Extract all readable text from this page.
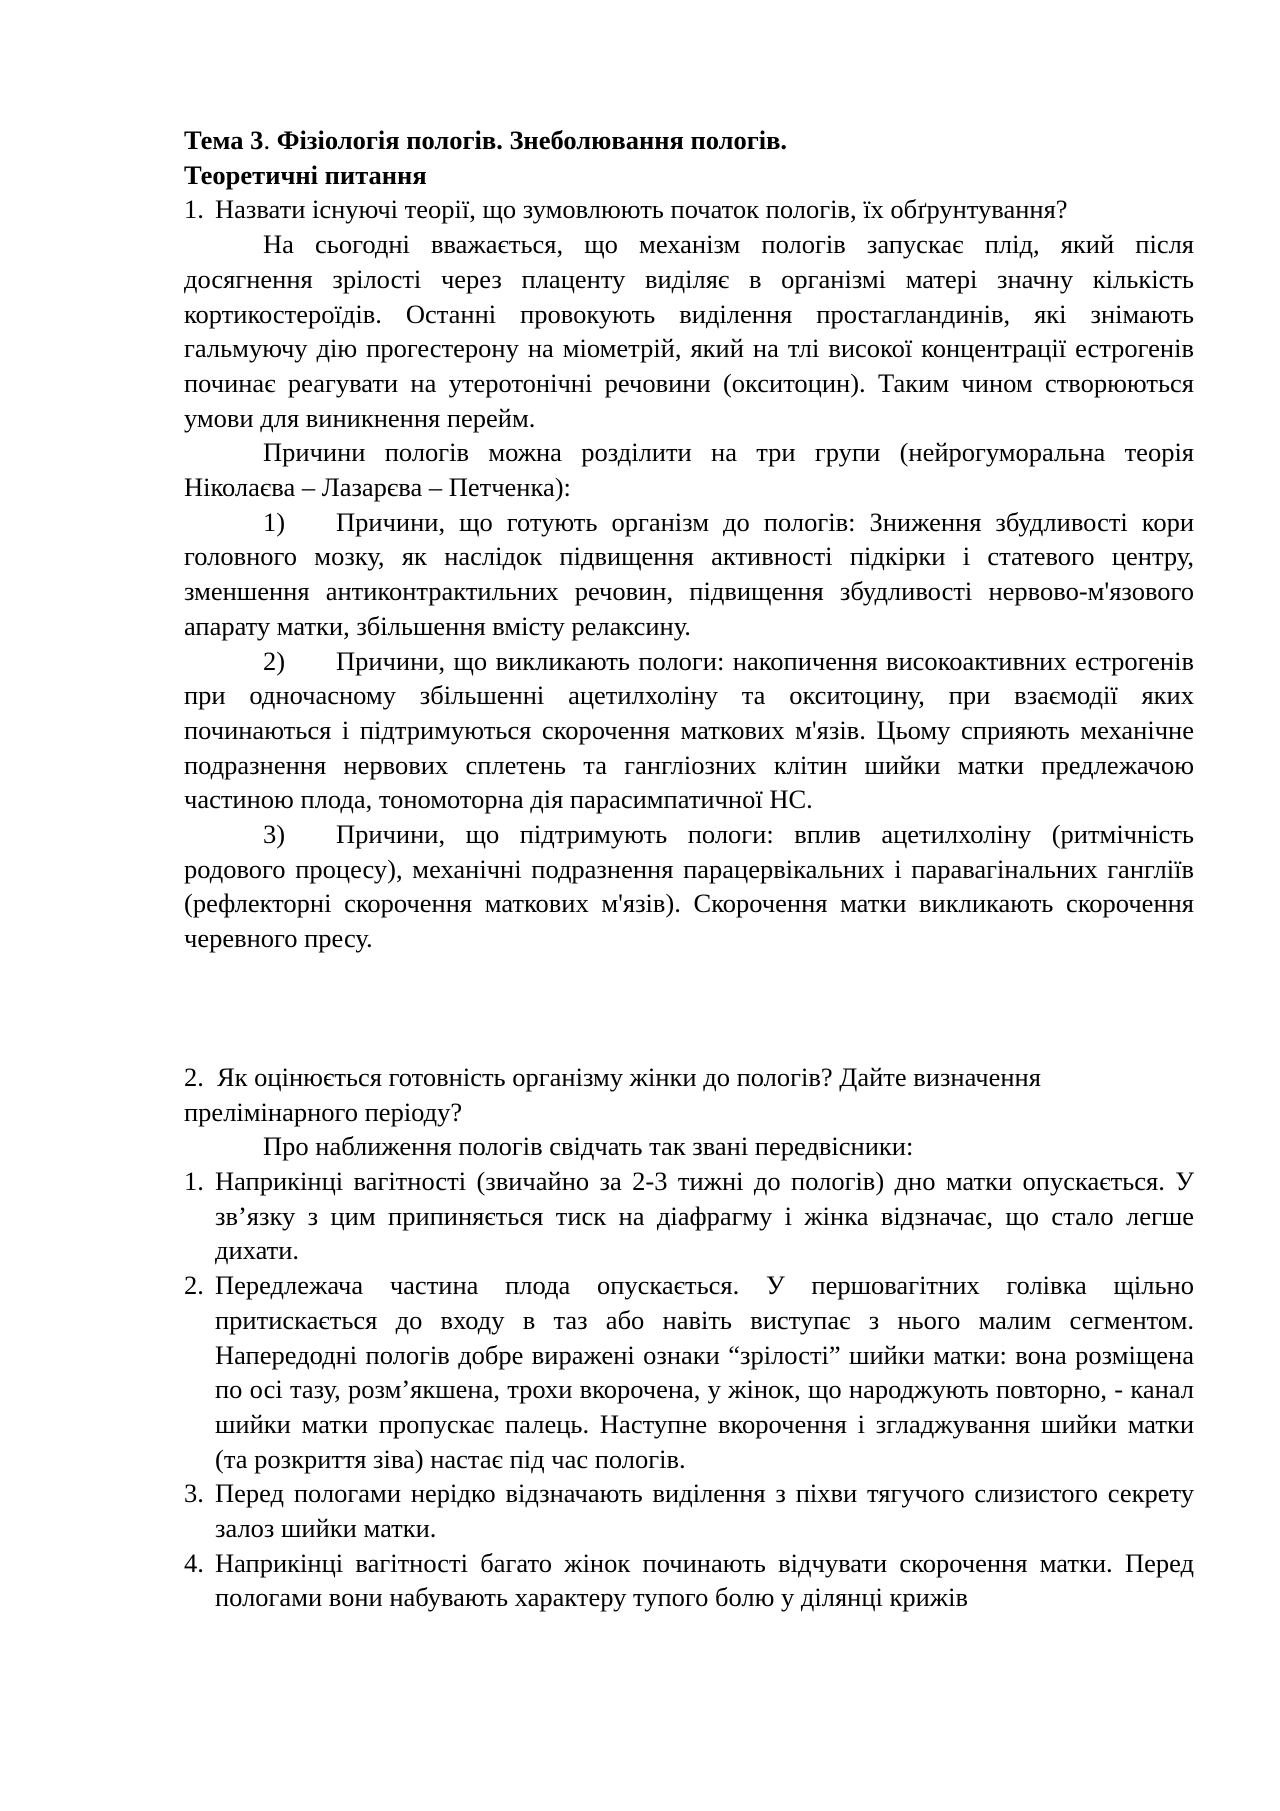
Тема 3. Фізіологія пологів. Знеболювання пологів.

Теоретичні питання

1. Назвати існуючі теорії, що зумовлюють початок пологів, їх обґрунтування?

На сьогодні вважається, що механізм пологів запускає плід, який після досягнення зрілості через плаценту виділяє в організмі матері значну кількість кортикостероїдів. Останні провокують виділення простагландинів, які знімають гальмуючу дію прогестерону на міометрій, який на тлі високої концентрації естрогенів починає реагувати на утеротонічні речовини (окситоцин). Таким чином створюються умови для виникнення перейм.

Причини пологів можна розділити на три групи (нейрогуморальна теорія Ніколаєва – Лазарєва – Петченка):

1) Причини, що готують організм до пологів: Зниження збудливості кори головного мозку, як наслідок підвищення активності підкірки і статевого центру, зменшення антиконтрактильних речовин, підвищення збудливості нервово-м'язового апарату матки, збільшення вмісту релаксину.

2) Причини, що викликають пологи: накопичення високоактивних естрогенів при одночасному збільшенні ацетилхоліну та окситоцину, при взаємодії яких починаються і підтримуються скорочення маткових м'язів. Цьому сприяють механічне подразнення нервових сплетень та гангліозних клітин шийки матки предлежачою частиною плода, тономоторна дія парасимпатичної НС.

3) Причини, що підтримують пологи: вплив ацетилхоліну (ритмічність родового процесу), механічні подразнення парацервікальних і паравагінальних гангліїв (рефлекторні скорочення маткових м'язів). Скорочення матки викликають скорочення черевного пресу.

2. Як оцінюється готовність організму жінки до пологів? Дайте визначення прелімінарного періоду?

Про наближення пологів свідчать так звані передвісники:

1. Наприкінці вагітності (звичайно за 2-3 тижні до пологів) дно матки опускається. У зв’язку з цим припиняється тиск на діафрагму і жінка відзначає, що стало легше дихати.

2. Передлежача частина плода опускається. У першовагітних голівка щільно притискається до входу в таз або навіть виступає з нього малим сегментом. Напередодні пологів добре виражені ознаки “зрілості” шийки матки: вона розміщена по осі тазу, розм’якшена, трохи вкорочена, у жінок, що народжують повторно, - канал шийки матки пропускає палець. Наступне вкорочення і згладжування шийки матки (та розкриття зіва) настає під час пологів.

3. Перед пологами нерідко відзначають виділення з піхви тягучого слизистого секрету залоз шийки матки.

4. Наприкінці вагітності багато жінок починають відчувати скорочення матки. Перед пологами вони набувають характеру тупого болю у ділянці крижів
